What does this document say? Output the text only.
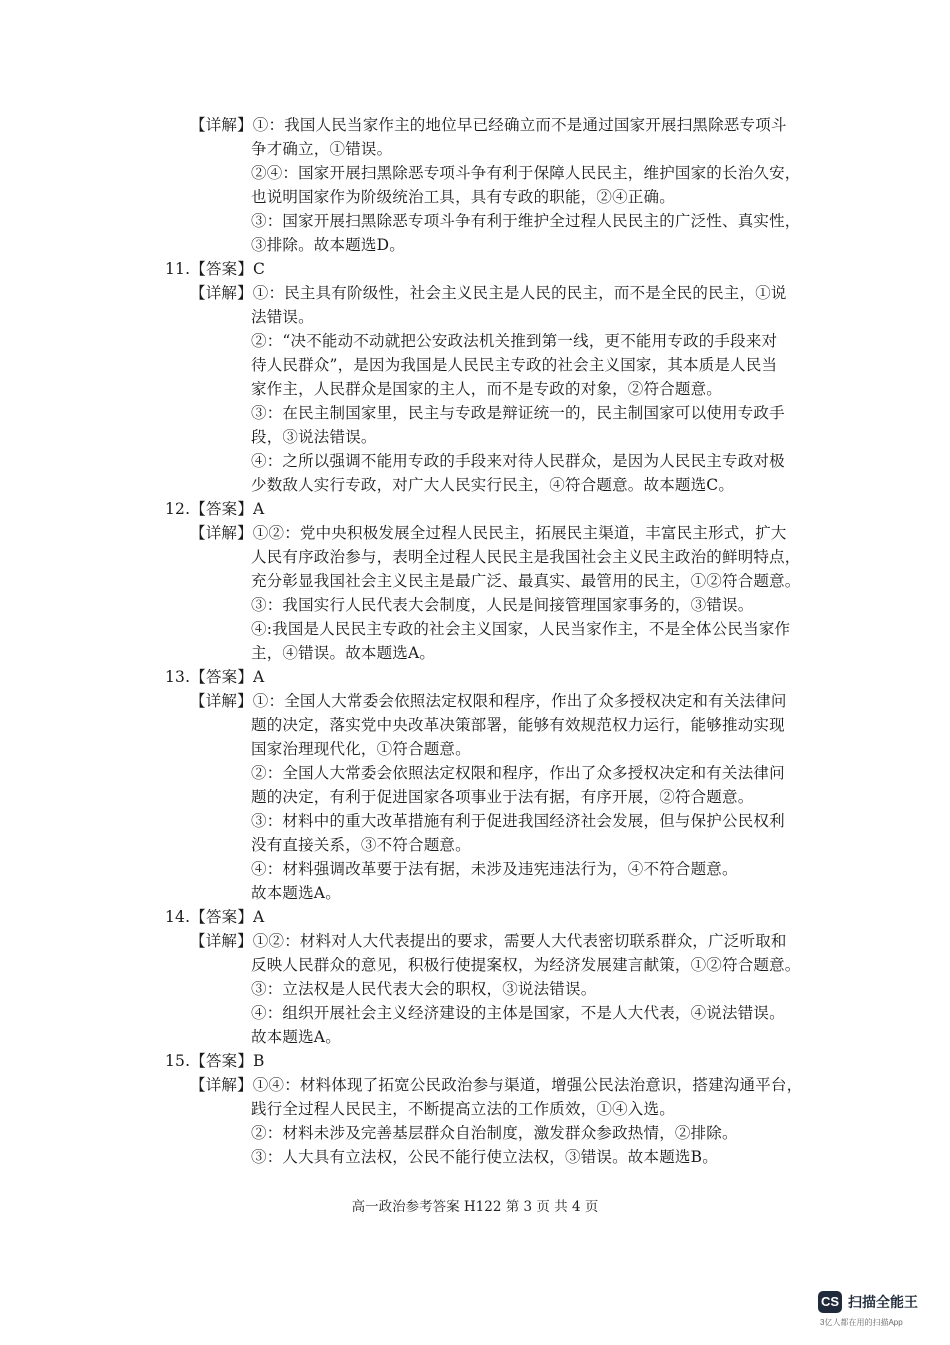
【详解】①：我国人民当家作主的地位早已经确立而不是通过国家开展扫黑除恶专项斗
争才确立，①错误。
②④：国家开展扫黑除恶专项斗争有利于保障人民民主，维护国家的长治久安，
也说明国家作为阶级统治工具，具有专政的职能，②④正确。
③：国家开展扫黑除恶专项斗争有利于维护全过程人民民主的广泛性、真实性，
③排除。故本题选D。
11.【答案】C
【详解】①：民主具有阶级性，社会主义民主是人民的民主，而不是全民的民主，①说
法错误。
②：“决不能动不动就把公安政法机关推到第一线，更不能用专政的手段来对
待人民群众”，是因为我国是人民民主专政的社会主义国家，其本质是人民当
家作主，人民群众是国家的主人，而不是专政的对象，②符合题意。
③：在民主制国家里，民主与专政是辩证统一的，民主制国家可以使用专政手
段，③说法错误。
④：之所以强调不能用专政的手段来对待人民群众，是因为人民民主专政对极
少数敌人实行专政，对广大人民实行民主，④符合题意。故本题选C。
12.【答案】A
【详解】①②：党中央积极发展全过程人民民主，拓展民主渠道，丰富民主形式，扩大
人民有序政治参与，表明全过程人民民主是我国社会主义民主政治的鲜明特点，
充分彰显我国社会主义民主是最广泛、最真实、最管用的民主，①②符合题意。
③：我国实行人民代表大会制度，人民是间接管理国家事务的，③错误。
④:我国是人民民主专政的社会主义国家，人民当家作主，不是全体公民当家作
主，④错误。故本题选A。
13.【答案】A
【详解】①：全国人大常委会依照法定权限和程序，作出了众多授权决定和有关法律问
题的决定，落实党中央改革决策部署，能够有效规范权力运行，能够推动实现
国家治理现代化，①符合题意。
②：全国人大常委会依照法定权限和程序，作出了众多授权决定和有关法律问
题的决定，有利于促进国家各项事业于法有据，有序开展，②符合题意。
③：材料中的重大改革措施有利于促进我国经济社会发展，但与保护公民权利
没有直接关系，③不符合题意。
④：材料强调改革要于法有据，未涉及违宪违法行为，④不符合题意。
故本题选A。
14.【答案】A
【详解】①②：材料对人大代表提出的要求，需要人大代表密切联系群众，广泛听取和
反映人民群众的意见，积极行使提案权，为经济发展建言献策，①②符合题意。
③：立法权是人民代表大会的职权，③说法错误。
④：组织开展社会主义经济建设的主体是国家，不是人大代表，④说法错误。
故本题选A。
15.【答案】B
【详解】①④：材料体现了拓宽公民政治参与渠道，增强公民法治意识，搭建沟通平台，
践行全过程人民民主，不断提高立法的工作质效，①④入选。
②：材料未涉及完善基层群众自治制度，激发群众参政热情，②排除。
③：人大具有立法权，公民不能行使立法权，③错误。故本题选B。
高一政治参考答案 H122 第 3 页 共 4 页
CS 扫描全能王
3亿人都在用的扫描App
